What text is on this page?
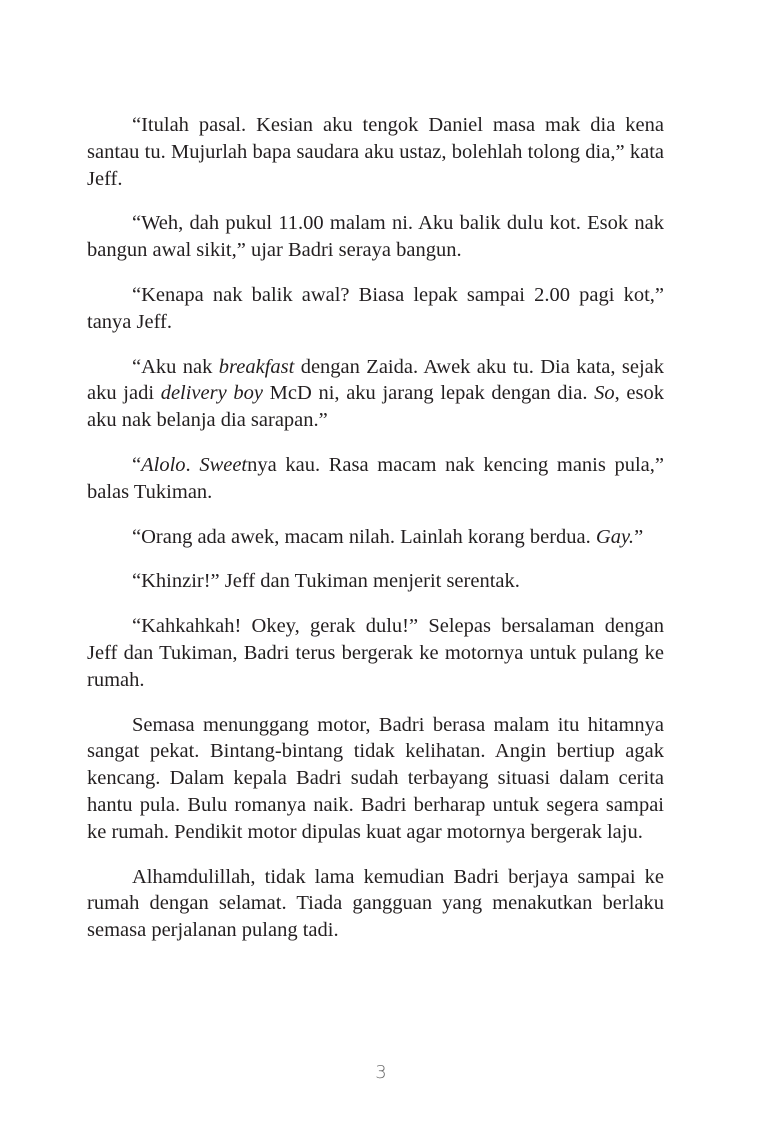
“Itulah pasal. Kesian aku tengok Daniel masa mak dia kena santau tu. Mujurlah bapa saudara aku ustaz, bolehlah tolong dia,” kata Jeff.

“Weh, dah pukul 11.00 malam ni. Aku balik dulu kot. Esok nak bangun awal sikit,” ujar Badri seraya bangun.

“Kenapa nak balik awal? Biasa lepak sampai 2.00 pagi kot,” tanya Jeff.

“Aku nak breakfast dengan Zaida. Awek aku tu. Dia kata, sejak aku jadi delivery boy McD ni, aku jarang lepak dengan dia. So, esok aku nak belanja dia sarapan.”

“Alolo. Sweetnya kau. Rasa macam nak kencing manis pula,” balas Tukiman.

“Orang ada awek, macam nilah. Lainlah korang berdua. Gay.”

“Khinzir!” Jeff dan Tukiman menjerit serentak.

“Kahkahkah! Okey, gerak dulu!” Selepas bersalaman dengan Jeff dan Tukiman, Badri terus bergerak ke motornya untuk pulang ke rumah.

Semasa menunggang motor, Badri berasa malam itu hitamnya sangat pekat. Bintang-bintang tidak kelihatan. Angin bertiup agak kencang. Dalam kepala Badri sudah terbayang situasi dalam cerita hantu pula. Bulu romanya naik. Badri berharap untuk segera sampai ke rumah. Pendikit motor dipulas kuat agar motornya bergerak laju.

Alhamdulillah, tidak lama kemudian Badri berjaya sampai ke rumah dengan selamat. Tiada gangguan yang menakutkan berlaku semasa perjalanan pulang tadi.

3
